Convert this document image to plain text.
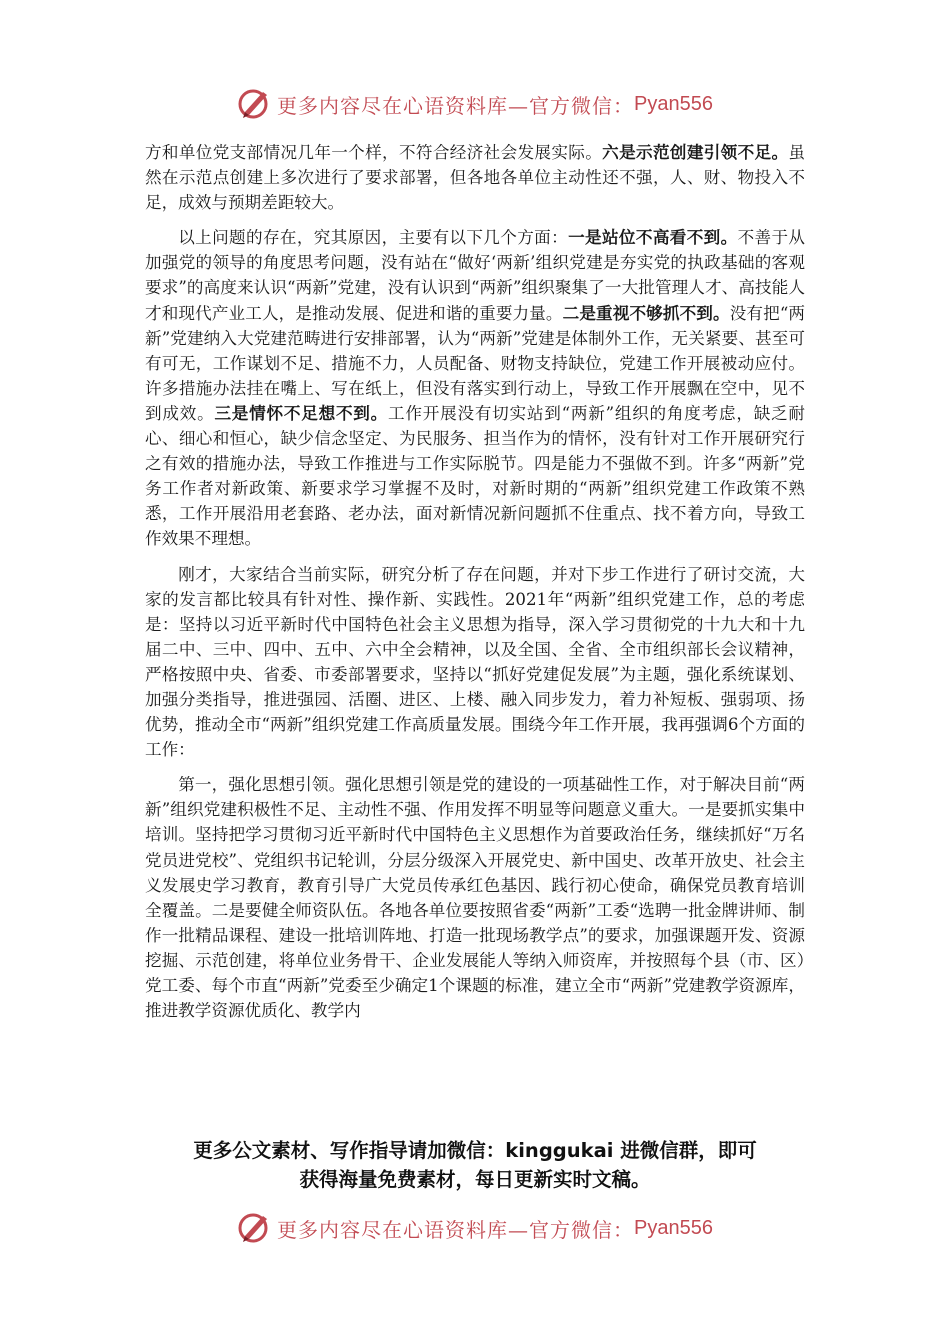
更多内容尽在心语资料库—官方微信： Pyan556

方和单位党支部情况几年一个样，不符合经济社会发展实际。六是示范创建引领不足。虽然在示范点创建上多次进行了要求部署，但各地各单位主动性还不强，人、财、物投入不足，成效与预期差距较大。

以上问题的存在，究其原因，主要有以下几个方面：一是站位不高看不到。不善于从加强党的领导的角度思考问题，没有站在“做好‘两新’组织党建是夯实党的执政基础的客观要求”的高度来认识“两新”党建，没有认识到“两新”组织聚集了一大批管理人才、高技能人才和现代产业工人，是推动发展、促进和谐的重要力量。二是重视不够抓不到。没有把“两新”党建纳入大党建范畴进行安排部署，认为“两新”党建是体制外工作，无关紧要、甚至可有可无，工作谋划不足、措施不力，人员配备、财物支持缺位，党建工作开展被动应付。许多措施办法挂在嘴上、写在纸上，但没有落实到行动上，导致工作开展飘在空中，见不到成效。三是情怀不足想不到。工作开展没有切实站到“两新”组织的角度考虑，缺乏耐心、细心和恒心，缺少信念坚定、为民服务、担当作为的情怀，没有针对工作开展研究行之有效的措施办法，导致工作推进与工作实际脱节。四是能力不强做不到。许多“两新”党务工作者对新政策、新要求学习掌握不及时，对新时期的“两新”组织党建工作政策不熟悉，工作开展沿用老套路、老办法，面对新情况新问题抓不住重点、找不着方向，导致工作效果不理想。

刚才，大家结合当前实际，研究分析了存在问题，并对下步工作进行了研讨交流，大家的发言都比较具有针对性、操作新、实践性。2021年“两新”组织党建工作，总的考虑是：坚持以习近平新时代中国特色社会主义思想为指导，深入学习贯彻党的十九大和十九届二中、三中、四中、五中、六中全会精神，以及全国、全省、全市组织部长会议精神，严格按照中央、省委、市委部署要求，坚持以“抓好党建促发展”为主题，强化系统谋划、加强分类指导，推进强园、活圈、进区、上楼、融入同步发力，着力补短板、强弱项、扬优势，推动全市“两新”组织党建工作高质量发展。围绕今年工作开展，我再强调6个方面的工作：

第一，强化思想引领。强化思想引领是党的建设的一项基础性工作，对于解决目前“两新”组织党建积极性不足、主动性不强、作用发挥不明显等问题意义重大。一是要抓实集中培训。坚持把学习贯彻习近平新时代中国特色主义思想作为首要政治任务，继续抓好“万名党员进党校”、党组织书记轮训，分层分级深入开展党史、新中国史、改革开放史、社会主义发展史学习教育，教育引导广大党员传承红色基因、践行初心使命，确保党员教育培训全覆盖。二是要健全师资队伍。各地各单位要按照省委“两新”工委“选聘一批金牌讲师、制作一批精品课程、建设一批培训阵地、打造一批现场教学点”的要求，加强课题开发、资源挖掘、示范创建，将单位业务骨干、企业发展能人等纳入师资库，并按照每个县（市、区）党工委、每个市直“两新”党委至少确定1个课题的标准，建立全市“两新”党建教学资源库，推进教学资源优质化、教学内

更多公文素材、写作指导请加微信：kinggukai 进微信群，即可
获得海量免费素材，每日更新实时文稿。
更多内容尽在心语资料库—官方微信： Pyan556
